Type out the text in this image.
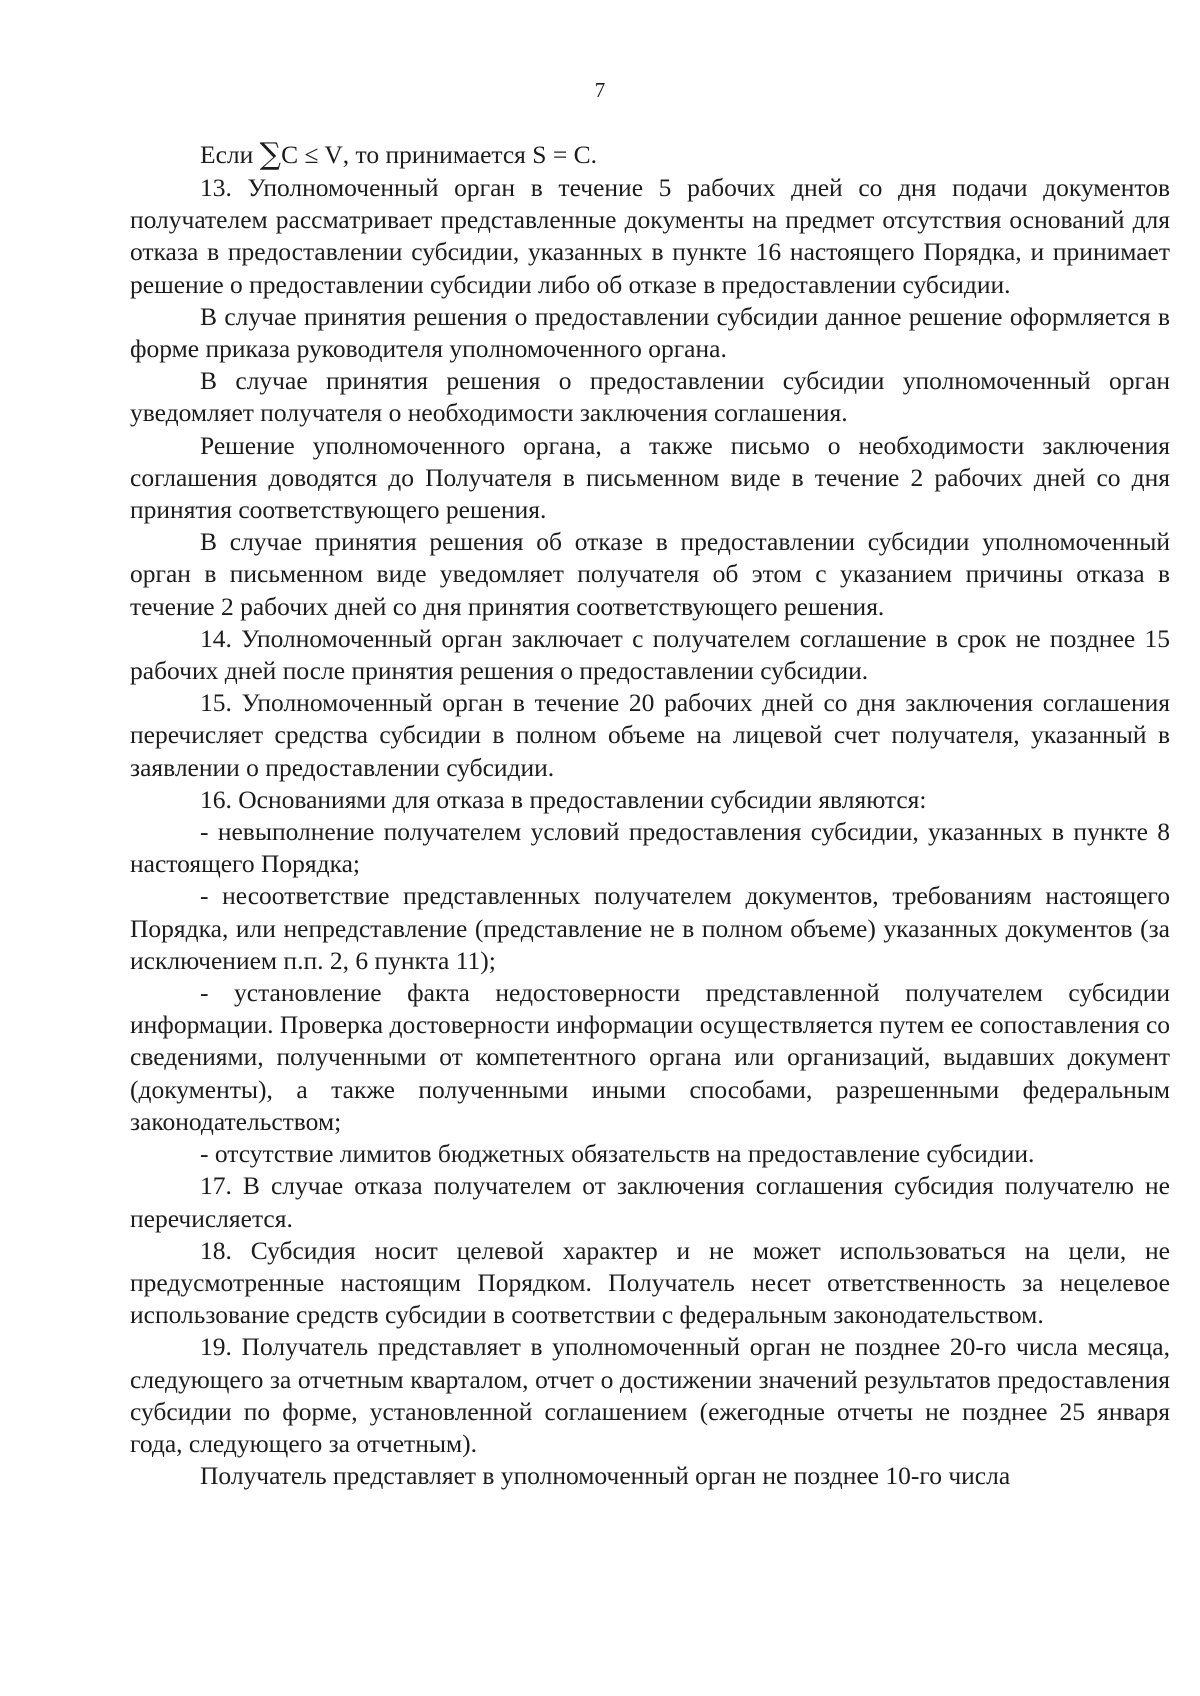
7
Если ∑C ≤ V, то принимается S = C.

13. Уполномоченный орган в течение 5 рабочих дней со дня подачи документов получателем рассматривает представленные документы на предмет отсутствия оснований для отказа в предоставлении субсидии, указанных в пункте 16 настоящего Порядка, и принимает решение о предоставлении субсидии либо об отказе в предоставлении субсидии.

В случае принятия решения о предоставлении субсидии данное решение оформляется в форме приказа руководителя уполномоченного органа.

В случае принятия решения о предоставлении субсидии уполномоченный орган уведомляет получателя о необходимости заключения соглашения.

Решение уполномоченного органа, а также письмо о необходимости заключения соглашения доводятся до Получателя в письменном виде в течение 2 рабочих дней со дня принятия соответствующего решения.

В случае принятия решения об отказе в предоставлении субсидии уполномоченный орган в письменном виде уведомляет получателя об этом с указанием причины отказа в течение 2 рабочих дней со дня принятия соответствующего решения.

14. Уполномоченный орган заключает с получателем соглашение в срок не позднее 15 рабочих дней после принятия решения о предоставлении субсидии.

15. Уполномоченный орган в течение 20 рабочих дней со дня заключения соглашения перечисляет средства субсидии в полном объеме на лицевой счет получателя, указанный в заявлении о предоставлении субсидии.

16. Основаниями для отказа в предоставлении субсидии являются:

- невыполнение получателем условий предоставления субсидии, указанных в пункте 8 настоящего Порядка;

- несоответствие представленных получателем документов, требованиям настоящего Порядка, или непредставление (представление не в полном объеме) указанных документов (за исключением п.п. 2, 6 пункта 11);

- установление факта недостоверности представленной получателем субсидии информации. Проверка достоверности информации осуществляется путем ее сопоставления со сведениями, полученными от компетентного органа или организаций, выдавших документ (документы), а также полученными иными способами, разрешенными федеральным законодательством;

- отсутствие лимитов бюджетных обязательств на предоставление субсидии.

17. В случае отказа получателем от заключения соглашения субсидия получателю не перечисляется.

18. Субсидия носит целевой характер и не может использоваться на цели, не предусмотренные настоящим Порядком. Получатель несет ответственность за нецелевое использование средств субсидии в соответствии с федеральным законодательством.

19. Получатель представляет в уполномоченный орган не позднее 20-го числа месяца, следующего за отчетным кварталом, отчет о достижении значений результатов предоставления субсидии по форме, установленной соглашением (ежегодные отчеты не позднее 25 января года, следующего за отчетным).

Получатель представляет в уполномоченный орган не позднее 10-го числа
